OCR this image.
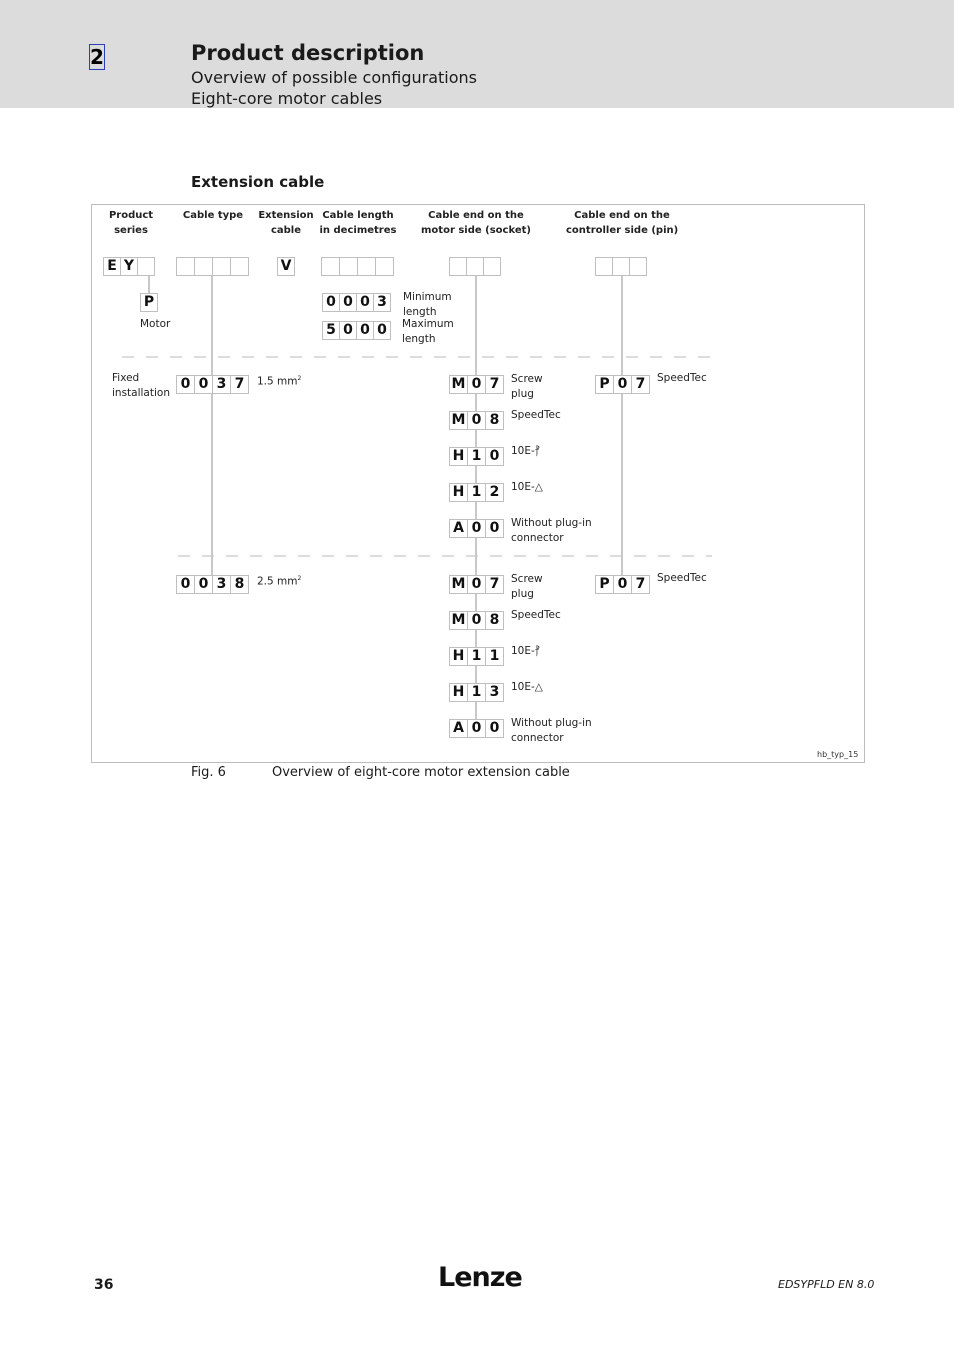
2	Product description
Overview of possible configurations
Eight-core motor cables
Extension cable
Product
series
Cable type	Extension
cable
Cable length
in decimetres
Cable end on the
motor side (socket)
Cable end on the
controller side (pin)
E Y	V
P
Motor
0 0 0 3	Minimum
length
5 0 0 0	Maximum
length
Fixed
installation
0 0 3 7	1.5 $mm^2$	M 0 7	Screw
plug
M 0 8	SpeedTec
H 1 0	10E-⳨
H 1 2	10E-△
A 0 0	Without plug-in
connector
P 0 7	SpeedTec
0 0 3 8	2.5 $mm^2$	M 0 7	Screw
plug
M 0 8	SpeedTec
H 1 1	10E-⳨
H 1 3	10E-△
A 0 0	Without plug-in
connector
P 0 7	SpeedTec
hb_typ_15
Fig. 6	Overview of eight-core motor extension cable
36	Lenze	EDSYPFLD EN 8.0
